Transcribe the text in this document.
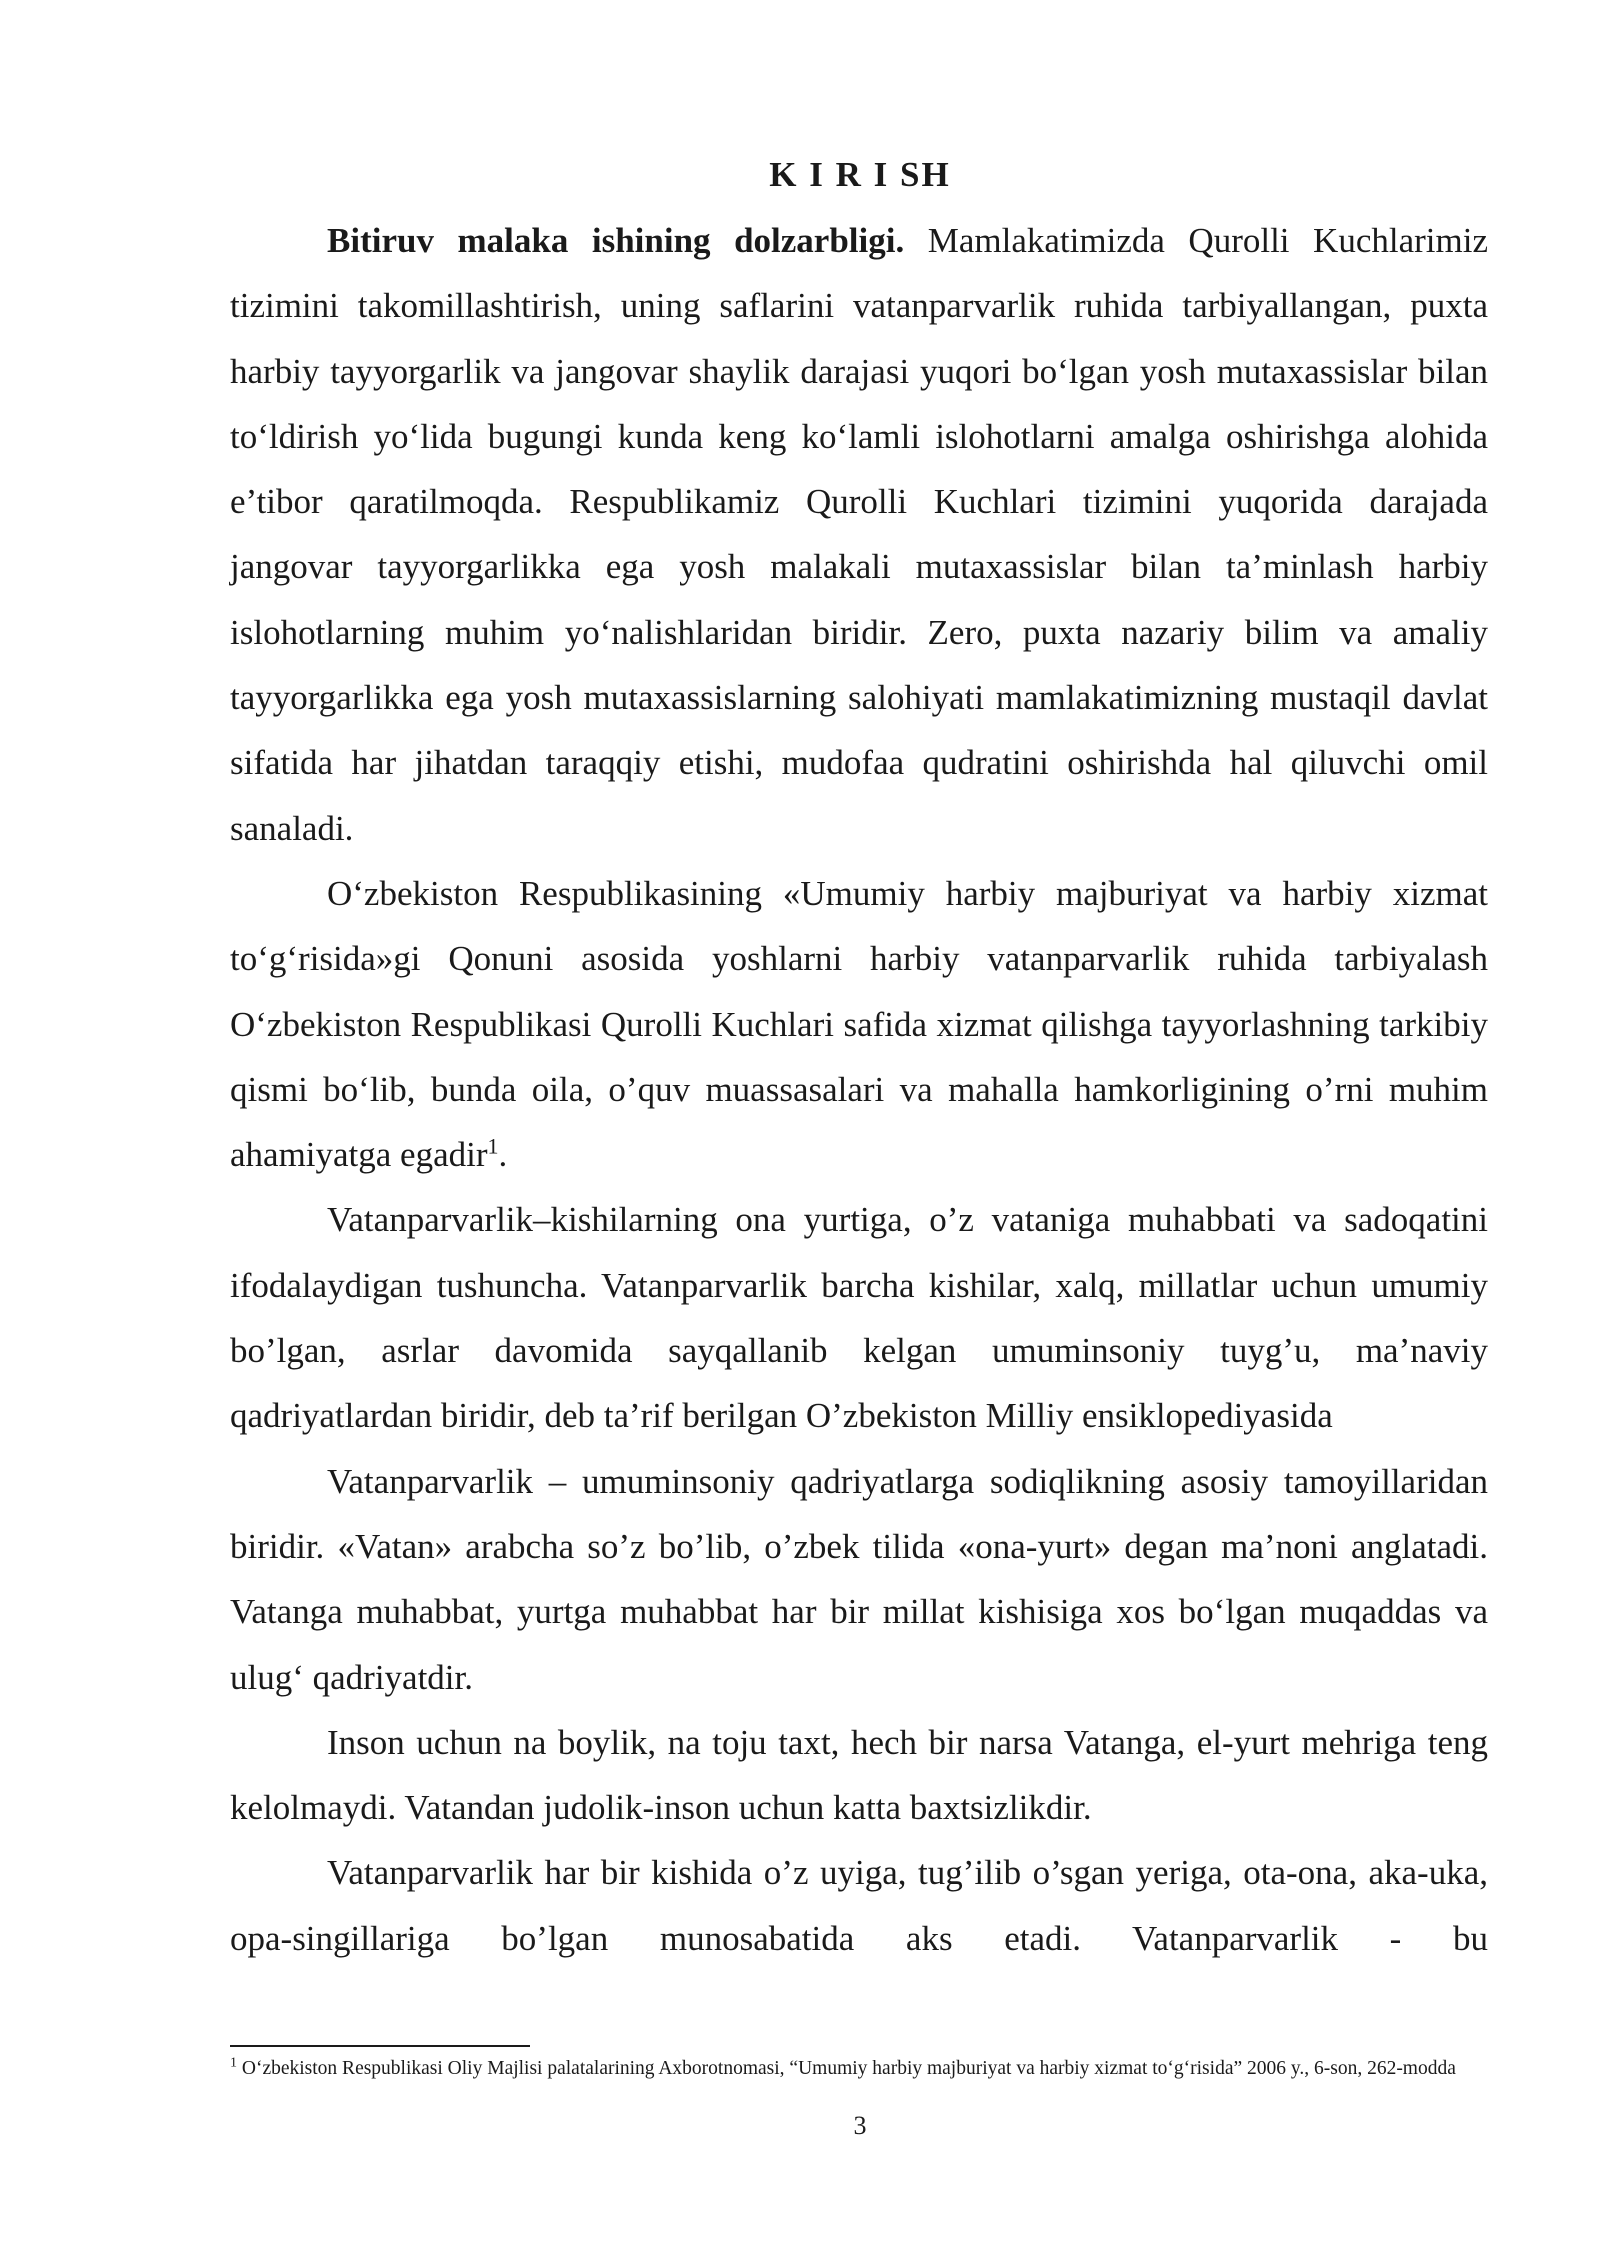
K I R I SH

Bitiruv malaka ishining dolzarbligi. Mamlakatimizda Qurolli Kuchlarimiz tizimini takomillashtirish, uning saflarini vatanparvarlik ruhida tarbiyallangan, puxta harbiy tayyorgarlik va jangovar shaylik darajasi yuqori bo‘lgan yosh mutaxassislar bilan to‘ldirish yo‘lida bugungi kunda keng ko‘lamli islohotlarni amalga oshirishga alohida e’tibor qaratilmoqda. Respublikamiz Qurolli Kuchlari tizimini yuqorida darajada jangovar tayyorgarlikka ega yosh malakali mutaxassislar bilan ta’minlash harbiy islohotlarning muhim yo‘nalishlaridan biridir. Zero, puxta nazariy bilim va amaliy tayyorgarlikka ega yosh mutaxassislarning salohiyati mamlakatimizning mustaqil davlat sifatida har jihatdan taraqqiy etishi, mudofaa qudratini oshirishda hal qiluvchi omil sanaladi.

O‘zbekiston Respublikasining «Umumiy harbiy majburiyat va harbiy xizmat to‘g‘risida»gi Qonuni asosida yoshlarni harbiy vatanparvarlik ruhida tarbiyalash O‘zbekiston Respublikasi Qurolli Kuchlari safida xizmat qilishga tayyorlashning tarkibiy qismi bo‘lib, bunda oila, o’quv muassasalari va mahalla hamkorligining o’rni muhim ahamiyatga egadir$^1$.

Vatanparvarlik–kishilarning ona yurtiga, o’z vataniga muhabbati va sadoqatini ifodalaydigan tushuncha. Vatanparvarlik barcha kishilar, xalq, millatlar uchun umumiy bo’lgan, asrlar davomida sayqallanib kelgan umuminsoniy tuyg’u, ma’naviy qadriyatlardan biridir, deb ta’rif berilgan O’zbekiston Milliy ensiklopediyasida

Vatanparvarlik – umuminsoniy qadriyatlarga sodiqlikning asosiy tamoyillaridan biridir. «Vatan» arabcha so’z bo’lib, o’zbek tilida «ona-yurt» degan ma’noni anglatadi. Vatanga muhabbat, yurtga muhabbat har bir millat kishisiga xos bo‘lgan muqaddas va ulug‘ qadriyatdir.

Inson uchun na boylik, na toju taxt, hech bir narsa Vatanga, el-yurt mehriga teng kelolmaydi. Vatandan judolik-inson uchun katta baxtsizlikdir.

Vatanparvarlik har bir kishida o’z uyiga, tug’ilib o’sgan yeriga, ota-ona, aka-uka, opa-singillariga bo’lgan munosabatida aks etadi. Vatanparvarlik - bu

$^1$ O‘zbekiston Respublikasi Oliy Majlisi palatalarining Axborotnomasi, “Umumiy harbiy majburiyat va harbiy xizmat to‘g‘risida” 2006 y., 6-son, 262-modda

3
